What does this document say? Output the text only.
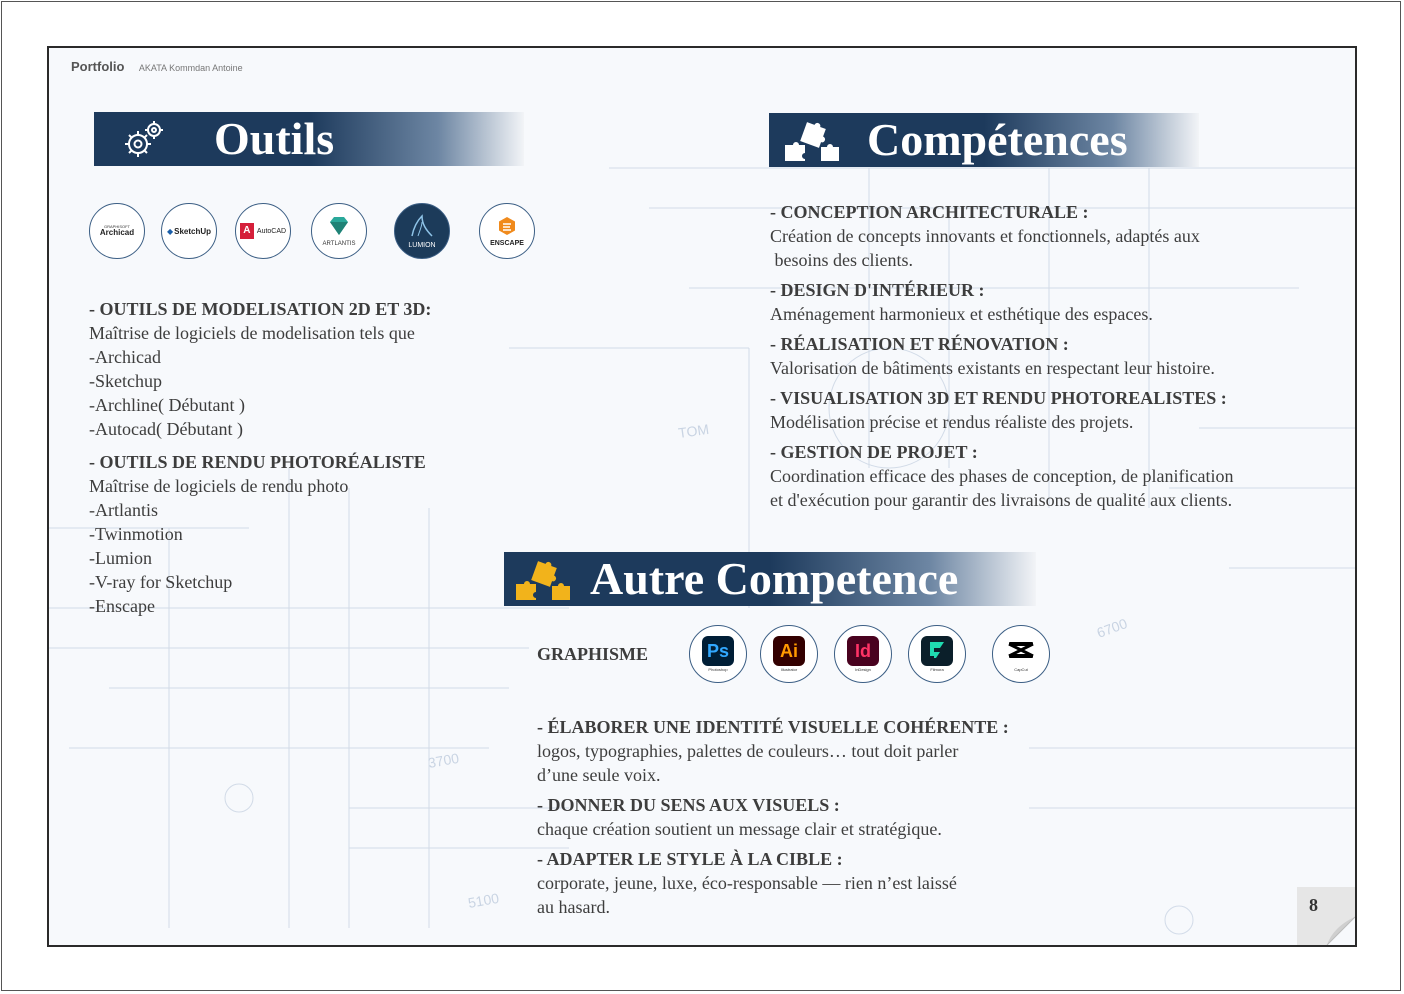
3700
6700
5100
TOM
Portfolio AKATA Kommdan Antoine
Outils
GRAPHISOFT
Archicad	◆ SketchUp	A AutoCAD
ARTLANTIS	LUMION	ENSCAPE
- OUTILS DE MODELISATION 2D ET 3D:
Maîtrise de logiciels de modelisation tels que
-Archicad
-Sketchup
-Archline( Débutant )
-Autocad( Débutant )
- OUTILS DE RENDU PHOTORÉALISTE
Maîtrise de logiciels de rendu photo
-Artlantis
-Twinmotion
-Lumion
-V-ray for Sketchup
-Enscape
Compétences
- CONCEPTION ARCHITECTURALE :
Création de concepts innovants et fonctionnels, adaptés aux
besoins des clients.
- DESIGN D'INTÉRIEUR :
Aménagement harmonieux et esthétique des espaces.
- RÉALISATION ET RÉNOVATION :
Valorisation de bâtiments existants en respectant leur histoire.
- VISUALISATION 3D ET RENDU PHOTOREALISTES :
Modélisation précise et rendus réaliste des projets.
- GESTION DE PROJET :
Coordination efficace des phases de conception, de planification
et d'exécution pour garantir des livraisons de qualité aux clients.
Autre Competence
GRAPHISME	Ps
Photoshop
Ai
Illustrator
Id
InDesign	Filmora	CapCut
- ÉLABORER UNE IDENTITÉ VISUELLE COHÉRENTE :
logos, typographies, palettes de couleurs… tout doit parler
d’une seule voix.
- DONNER DU SENS AUX VISUELS :
chaque création soutient un message clair et stratégique.
- ADAPTER LE STYLE À LA CIBLE :
corporate, jeune, luxe, éco-responsable — rien n’est laissé
au hasard.	8
